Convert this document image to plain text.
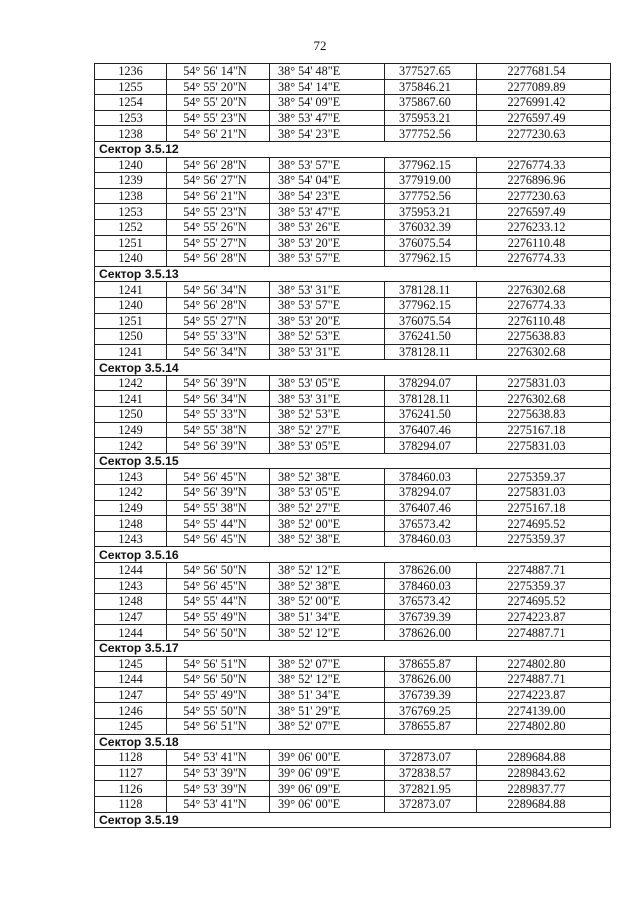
72
1236	54° 56' 14"N	38° 54' 48"E	377527.65	2277681.54
1255	54° 55' 20"N	38° 54' 14"E	375846.21	2277089.89
1254	54° 55' 20"N	38° 54' 09"E	375867.60	2276991.42
1253	54° 55' 23"N	38° 53' 47"E	375953.21	2276597.49
1238	54° 56' 21"N	38° 54' 23"E	377752.56	2277230.63
Сектор 3.5.12				
1240	54° 56' 28"N	38° 53' 57"E	377962.15	2276774.33
1239	54° 56' 27"N	38° 54' 04"E	377919.00	2276896.96
1238	54° 56' 21"N	38° 54' 23"E	377752.56	2277230.63
1253	54° 55' 23"N	38° 53' 47"E	375953.21	2276597.49
1252	54° 55' 26"N	38° 53' 26"E	376032.39	2276233.12
1251	54° 55' 27"N	38° 53' 20"E	376075.54	2276110.48
1240	54° 56' 28"N	38° 53' 57"E	377962.15	2276774.33
Сектор 3.5.13				
1241	54° 56' 34"N	38° 53' 31"E	378128.11	2276302.68
1240	54° 56' 28"N	38° 53' 57"E	377962.15	2276774.33
1251	54° 55' 27"N	38° 53' 20"E	376075.54	2276110.48
1250	54° 55' 33"N	38° 52' 53"E	376241.50	2275638.83
1241	54° 56' 34"N	38° 53' 31"E	378128.11	2276302.68
Сектор 3.5.14				
1242	54° 56' 39"N	38° 53' 05"E	378294.07	2275831.03
1241	54° 56' 34"N	38° 53' 31"E	378128.11	2276302.68
1250	54° 55' 33"N	38° 52' 53"E	376241.50	2275638.83
1249	54° 55' 38"N	38° 52' 27"E	376407.46	2275167.18
1242	54° 56' 39"N	38° 53' 05"E	378294.07	2275831.03
Сектор 3.5.15				
1243	54° 56' 45"N	38° 52' 38"E	378460.03	2275359.37
1242	54° 56' 39"N	38° 53' 05"E	378294.07	2275831.03
1249	54° 55' 38"N	38° 52' 27"E	376407.46	2275167.18
1248	54° 55' 44"N	38° 52' 00"E	376573.42	2274695.52
1243	54° 56' 45"N	38° 52' 38"E	378460.03	2275359.37
Сектор 3.5.16				
1244	54° 56' 50"N	38° 52' 12"E	378626.00	2274887.71
1243	54° 56' 45"N	38° 52' 38"E	378460.03	2275359.37
1248	54° 55' 44"N	38° 52' 00"E	376573.42	2274695.52
1247	54° 55' 49"N	38° 51' 34"E	376739.39	2274223.87
1244	54° 56' 50"N	38° 52' 12"E	378626.00	2274887.71
Сектор 3.5.17				
1245	54° 56' 51"N	38° 52' 07"E	378655.87	2274802.80
1244	54° 56' 50"N	38° 52' 12"E	378626.00	2274887.71
1247	54° 55' 49"N	38° 51' 34"E	376739.39	2274223.87
1246	54° 55' 50"N	38° 51' 29"E	376769.25	2274139.00
1245	54° 56' 51"N	38° 52' 07"E	378655.87	2274802.80
Сектор 3.5.18				
1128	54° 53' 41"N	39° 06' 00"E	372873.07	2289684.88
1127	54° 53' 39"N	39° 06' 09"E	372838.57	2289843.62
1126	54° 53' 39"N	39° 06' 09"E	372821.95	2289837.77
1128	54° 53' 41"N	39° 06' 00"E	372873.07	2289684.88
Сектор 3.5.19				
